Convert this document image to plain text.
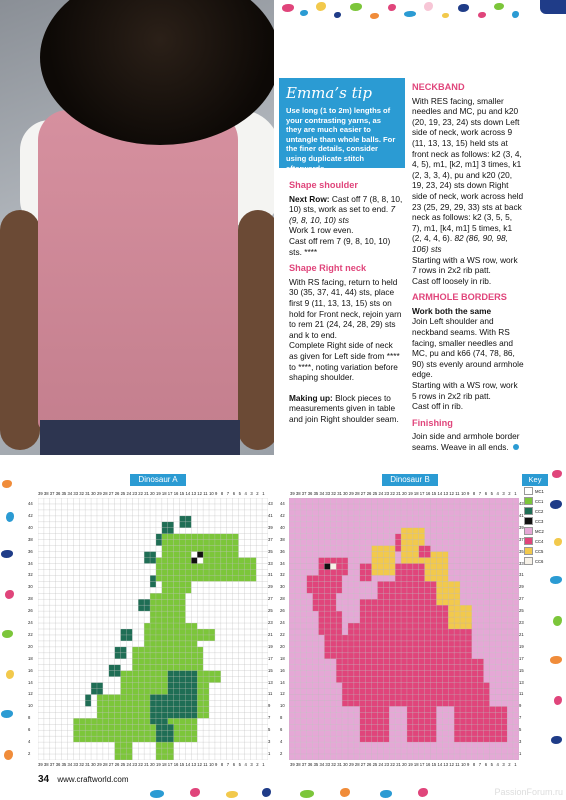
Emma’s tip
Use long (1 to 2m) lengths of your contrasting yarns, as they are much easier to untangle than whole balls. For the finer details, consider using duplicate stitch afterwards
Shape shoulder

Next Row: Cast off 7 (8, 8, 10, 10) sts, work as set to end. 7 (9, 8, 10, 10) sts

Work 1 row even.

Cast off rem 7 (9, 8, 10, 10) sts. ****

Shape Right neck

With RS facing, return to held 30 (35, 37, 41, 44) sts, place first 9 (11, 13, 13, 15) sts on hold for Front neck, rejoin yarn to rem 21 (24, 24, 28, 29) sts and k to end.

Complete Right side of neck as given for Left side from **** to ****, noting variation before shaping shoulder.

Making up: Block pieces to measurements given in table and join Right shoulder seam.

NECKBAND

With RES facing, smaller needles and MC, pu and k20 (20, 19, 23, 24) sts down Left side of neck, work across 9 (11, 13, 13, 15) held sts at front neck as follows: k2 (3, 4, 4, 5), m1, [k2, m1] 3 times, k1 (2, 3, 3, 4), pu and k20 (20, 19, 23, 24) sts down Right side of neck, work across held 23 (25, 29, 29, 33) sts at back neck as follows: k2 (3, 5, 5, 7), m1, [k4, m1] 5 times, k1 (2, 4, 4, 6). 82 (86, 90, 98, 106) sts

Starting with a WS row, work 7 rows in 2x2 rib patt.

Cast off loosely in rib.

ARMHOLE BORDERS

Work both the same

Join Left shoulder and neckband seams. With RS facing, smaller needles and MC, pu and k66 (74, 78, 86, 90) sts evenly around armhole edge.

Starting with a WS row, work 5 rows in 2x2 rib patt.

Cast off in rib.

Finishing

Join side and armhole border seams. Weave in all ends.

Dinosaur A	Dinosaur B
39 38 37 36 35 34 33 32 31 30 29 28 27 26 25 24 23 22 21 20 19 18 17 16 15 14 13 12 11 10 9 8 7 6 5 4 3 2 1	39 38 37 36 35 34 33 32 31 30 29 28 27 26 25 24 23 22 21 20 19 18 17 16 15 14 13 12 11 10 9 8 7 6 5 4 3 2 1
39 38 37 36 35 34 33 32 31 30 29 28 27 26 25 24 23 22 21 20 19 18 17 16 15 14 13 12 11 10 9 8 7 6 5 4 3 2 1	39 38 37 36 35 34 33 32 31 30 29 28 27 26 25 24 23 22 21 20 19 18 17 16 15 14 13 12 11 10 9 8 7 6 5 4 3 2 1
43
41
39
37
35
33
31
29
27
25
23
21
19
17
15
13
11
9
7
5
3
1
44
42
40
38
36
34
32
30
28
26
24
22
20
18
16
14
12
10
8
6
4
2
43
41
39
37
35
33
31
29
27
25
23
21
19
17
15
13
11
9
7
5
3
1
44
42
40
38
36
34
32
30
28
26
24
22
20
18
16
14
12
10
8
6
4
2
Key
MC1
CC1
CC2
CC3
MC2
CC4
CC5
CC6
34 www.craftworld.com
PassionForum.ru
